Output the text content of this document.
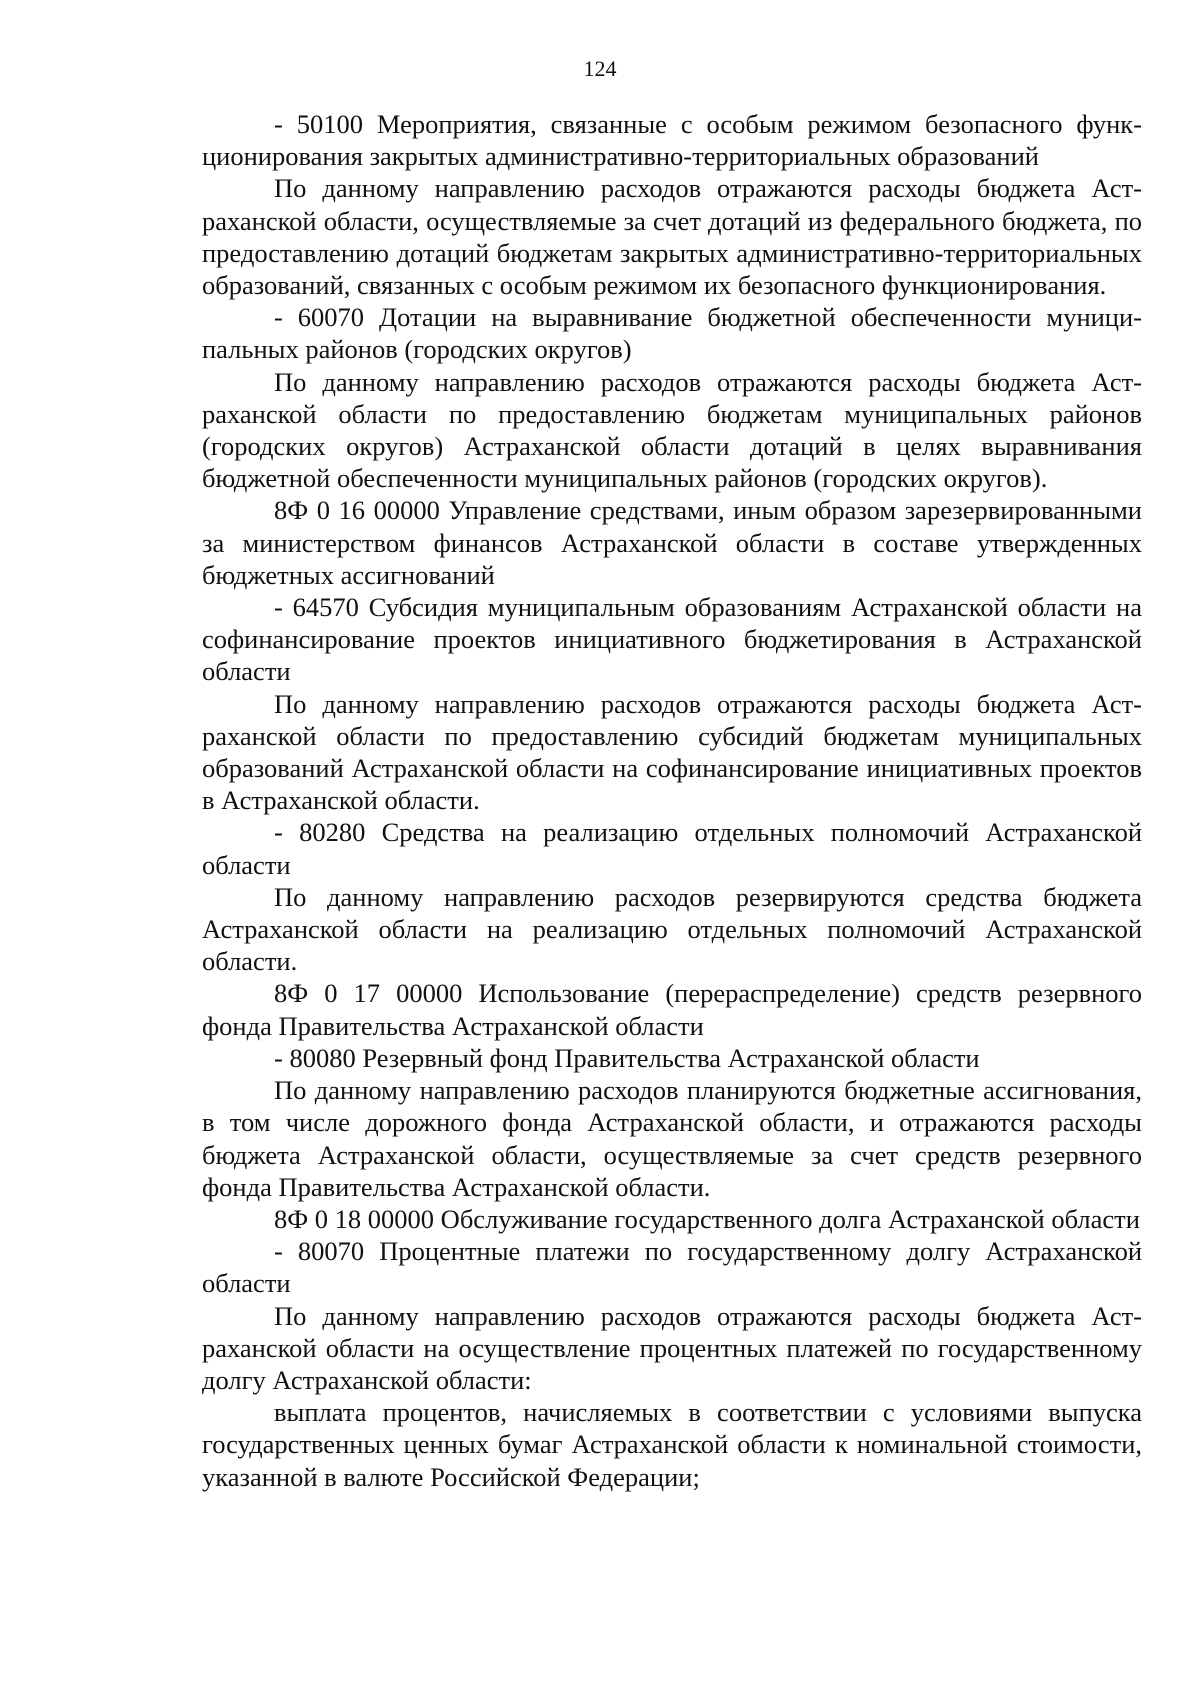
124

- 50100 Мероприятия, связанные с особым режимом безопасного функционирования закрытых административно-территориальных образований

По данному направлению расходов отражаются расходы бюджета Астраханской области, осуществляемые за счет дотаций из федерального бюджета, по предоставлению дотаций бюджетам закрытых административно-территориальных образований, связанных с особым режимом их безопасного функционирования.

- 60070 Дотации на выравнивание бюджетной обеспеченности муниципальных районов (городских округов)

По данному направлению расходов отражаются расходы бюджета Астраханской области по предоставлению бюджетам муниципальных районов (городских округов) Астраханской области дотаций в целях выравнивания бюджетной обеспеченности муниципальных районов (городских округов).

8Ф 0 16 00000 Управление средствами, иным образом зарезервированными за министерством финансов Астраханской области в составе утвержденных бюджетных ассигнований

- 64570 Субсидия муниципальным образованиям Астраханской области на софинансирование проектов инициативного бюджетирования в Астраханской области

По данному направлению расходов отражаются расходы бюджета Астраханской области по предоставлению субсидий бюджетам муниципальных образований Астраханской области на софинансирование инициативных проектов в Астраханской области.

- 80280 Средства на реализацию отдельных полномочий Астраханской области

По данному направлению расходов резервируются средства бюджета Астраханской области на реализацию отдельных полномочий Астраханской области.

8Ф 0 17 00000 Использование (перераспределение) средств резервного фонда Правительства Астраханской области

- 80080 Резервный фонд Правительства Астраханской области

По данному направлению расходов планируются бюджетные ассигнования, в том числе дорожного фонда Астраханской области, и отражаются расходы бюджета Астраханской области, осуществляемые за счет средств резервного фонда Правительства Астраханской области.

8Ф 0 18 00000 Обслуживание государственного долга Астраханской области

- 80070 Процентные платежи по государственному долгу Астраханской области

По данному направлению расходов отражаются расходы бюджета Астраханской области на осуществление процентных платежей по государственному долгу Астраханской области:

выплата процентов, начисляемых в соответствии с условиями выпуска государственных ценных бумаг Астраханской области к номинальной стоимости, указанной в валюте Российской Федерации;
